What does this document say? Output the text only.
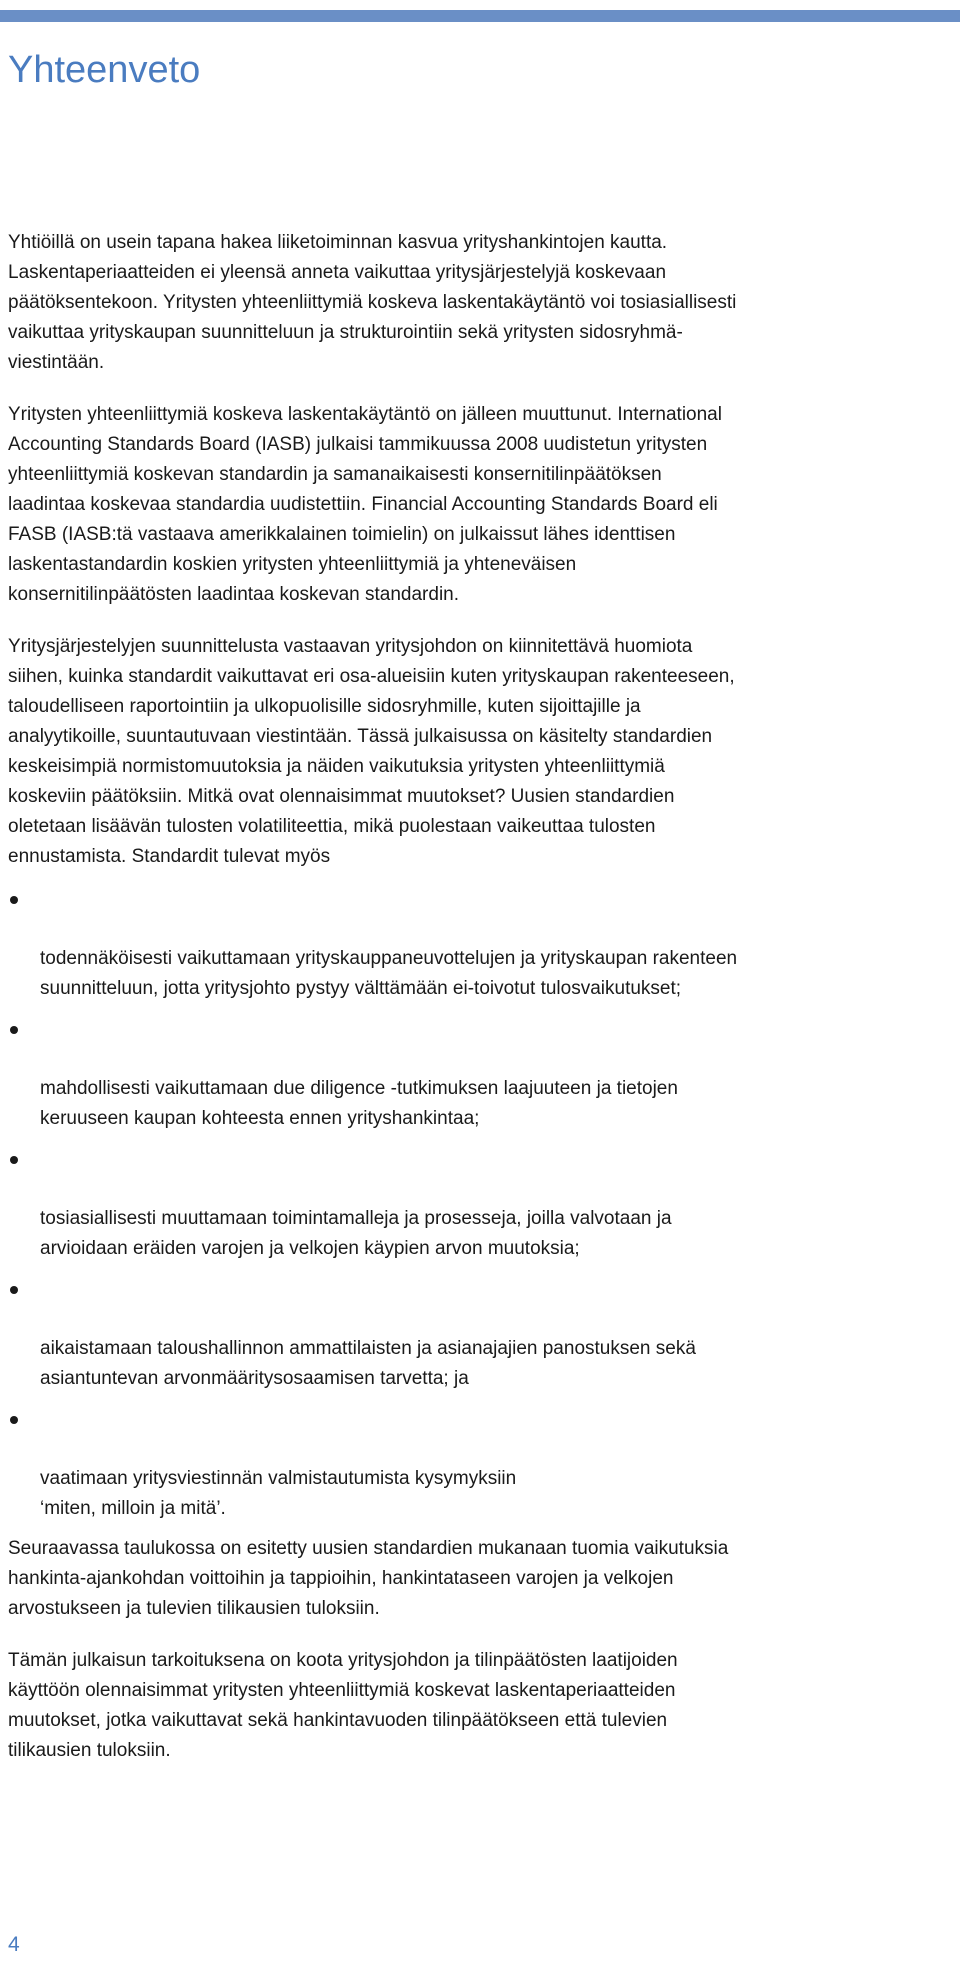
Yhteenveto

Yhtiöillä on usein tapana hakea liiketoiminnan kasvua yrityshankintojen kautta. Laskentaperiaatteiden ei yleensä anneta vaikuttaa yritysjärjestelyjä koskevaan päätöksentekoon. Yritysten yhteenliittymiä koskeva laskentakäytäntö voi tosiasiallisesti vaikuttaa yrityskaupan suunnitteluun ja strukturointiin sekä yritysten sidosryhmä-viestintään.

Yritysten yhteenliittymiä koskeva laskentakäytäntö on jälleen muuttunut. International Accounting Standards Board (IASB) julkaisi tammikuussa 2008 uudistetun yritysten yhteenliittymiä koskevan standardin ja samanaikaisesti konsernitilinpäätöksen laadintaa koskevaa standardia uudistettiin. Financial Accounting Standards Board eli FASB (IASB:tä vastaava amerikkalainen toimielin) on julkaissut lähes identtisen laskentastandardin koskien yritysten yhteenliittymiä ja yhteneväisen konsernitilinpäätösten laadintaa koskevan standardin.

Yritysjärjestelyjen suunnittelusta vastaavan yritysjohdon on kiinnitettävä huomiota siihen, kuinka standardit vaikuttavat eri osa-alueisiin kuten yrityskaupan rakenteeseen, taloudelliseen raportointiin ja ulkopuolisille sidosryhmille, kuten sijoittajille ja analyytikoille, suuntautuvaan viestintään. Tässä julkaisussa on käsitelty standardien keskeisimpiä normistomuutoksia ja näiden vaikutuksia yritysten yhteenliittymiä koskeviin päätöksiin. Mitkä ovat olennaisimmat muutokset? Uusien standardien oletetaan lisäävän tulosten volatiliteettia, mikä puolestaan vaikeuttaa tulosten ennustamista. Standardit tulevat myös

todennäköisesti vaikuttamaan yrityskauppaneuvottelujen ja yrityskaupan rakenteen suunnitteluun, jotta yritysjohto pystyy välttämään ei-toivotut tulosvaikutukset;

mahdollisesti vaikuttamaan due diligence -tutkimuksen laajuuteen ja tietojen keruuseen kaupan kohteesta ennen yrityshankintaa;

tosiasiallisesti muuttamaan toimintamalleja ja prosesseja, joilla valvotaan ja arvioidaan eräiden varojen ja velkojen käypien arvon muutoksia;

aikaistamaan taloushallinnon ammattilaisten ja asianajajien panostuksen sekä asiantuntevan arvonmääritysosaamisen tarvetta; ja

vaatimaan yritysviestinnän valmistautumista kysymyksiin
‘miten, milloin ja mitä’.

Seuraavassa taulukossa on esitetty uusien standardien mukanaan tuomia vaikutuksia hankinta-ajankohdan voittoihin ja tappioihin, hankintataseen varojen ja velkojen arvostukseen ja tulevien tilikausien tuloksiin.

Tämän julkaisun tarkoituksena on koota yritysjohdon ja tilinpäätösten laatijoiden käyttöön olennaisimmat yritysten yhteenliittymiä koskevat laskentaperiaatteiden muutokset, jotka vaikuttavat sekä hankintavuoden tilinpäätökseen että tulevien tilikausien tuloksiin.

4
